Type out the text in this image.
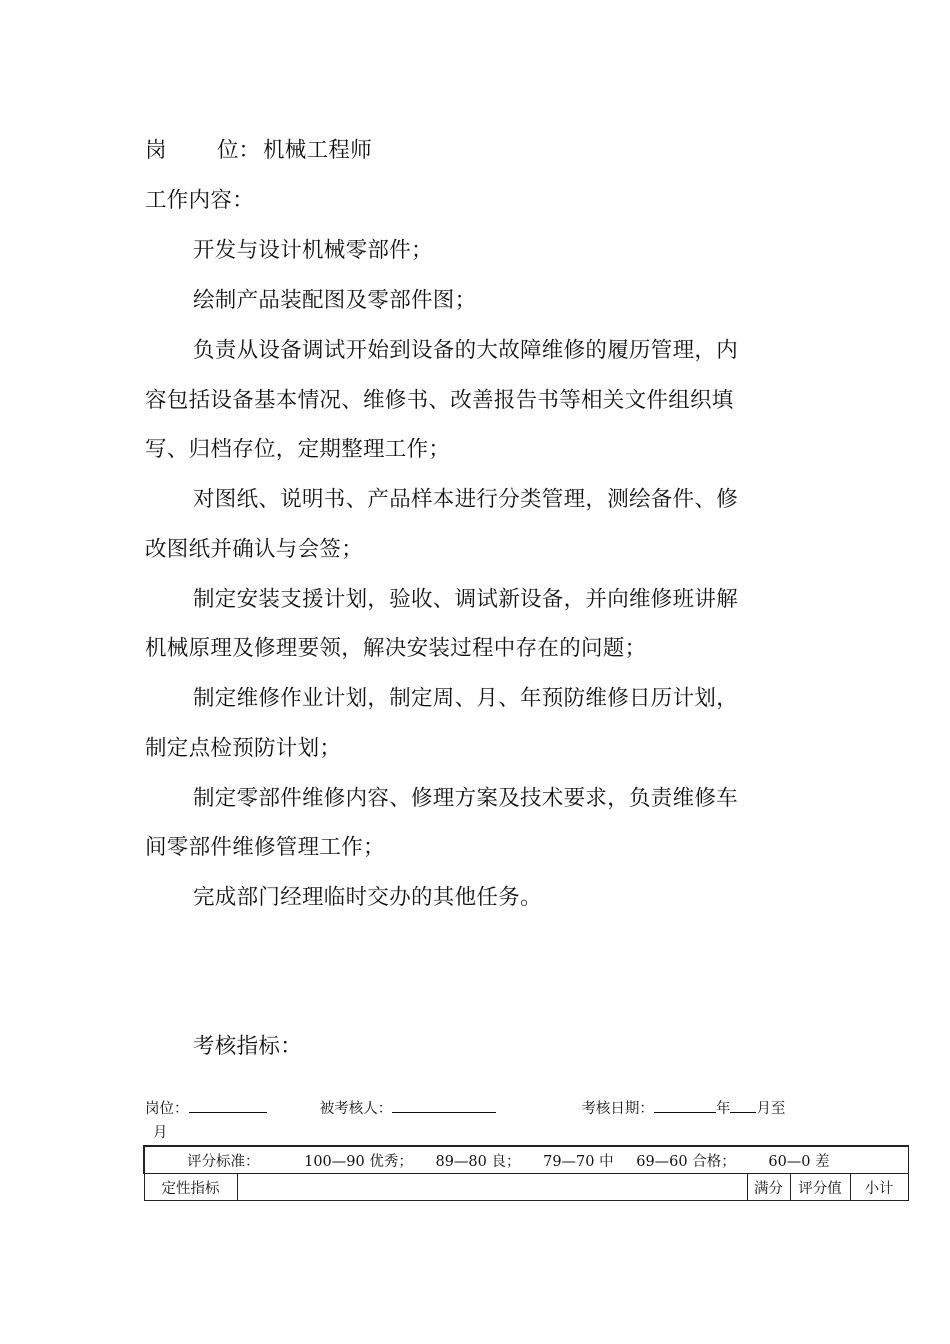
岗 位： 机械工程师
工作内容：
开发与设计机械零部件；
绘制产品装配图及零部件图；
负责从设备调试开始到设备的大故障维修的履历管理，内
容包括设备基本情况、维修书、改善报告书等相关文件组织填
写、归档存位，定期整理工作；
对图纸、说明书、产品样本进行分类管理，测绘备件、修
改图纸并确认与会签；
制定安装支援计划，验收、调试新设备，并向维修班讲解
机械原理及修理要领，解决安装过程中存在的问题；
制定维修作业计划，制定周、月、年预防维修日历计划，
制定点检预防计划；
制定零部件维修内容、修理方案及技术要求，负责维修车
间零部件维修管理工作；
完成部门经理临时交办的其他任务。
考核指标：
岗位：	被考核人：	考核日期：	年 月至
月
评分标准：	100—90 优秀； 89—80 良； 79—70 中 69—60 合格； 60—0 差
定性指标		满分	评分值	小计
